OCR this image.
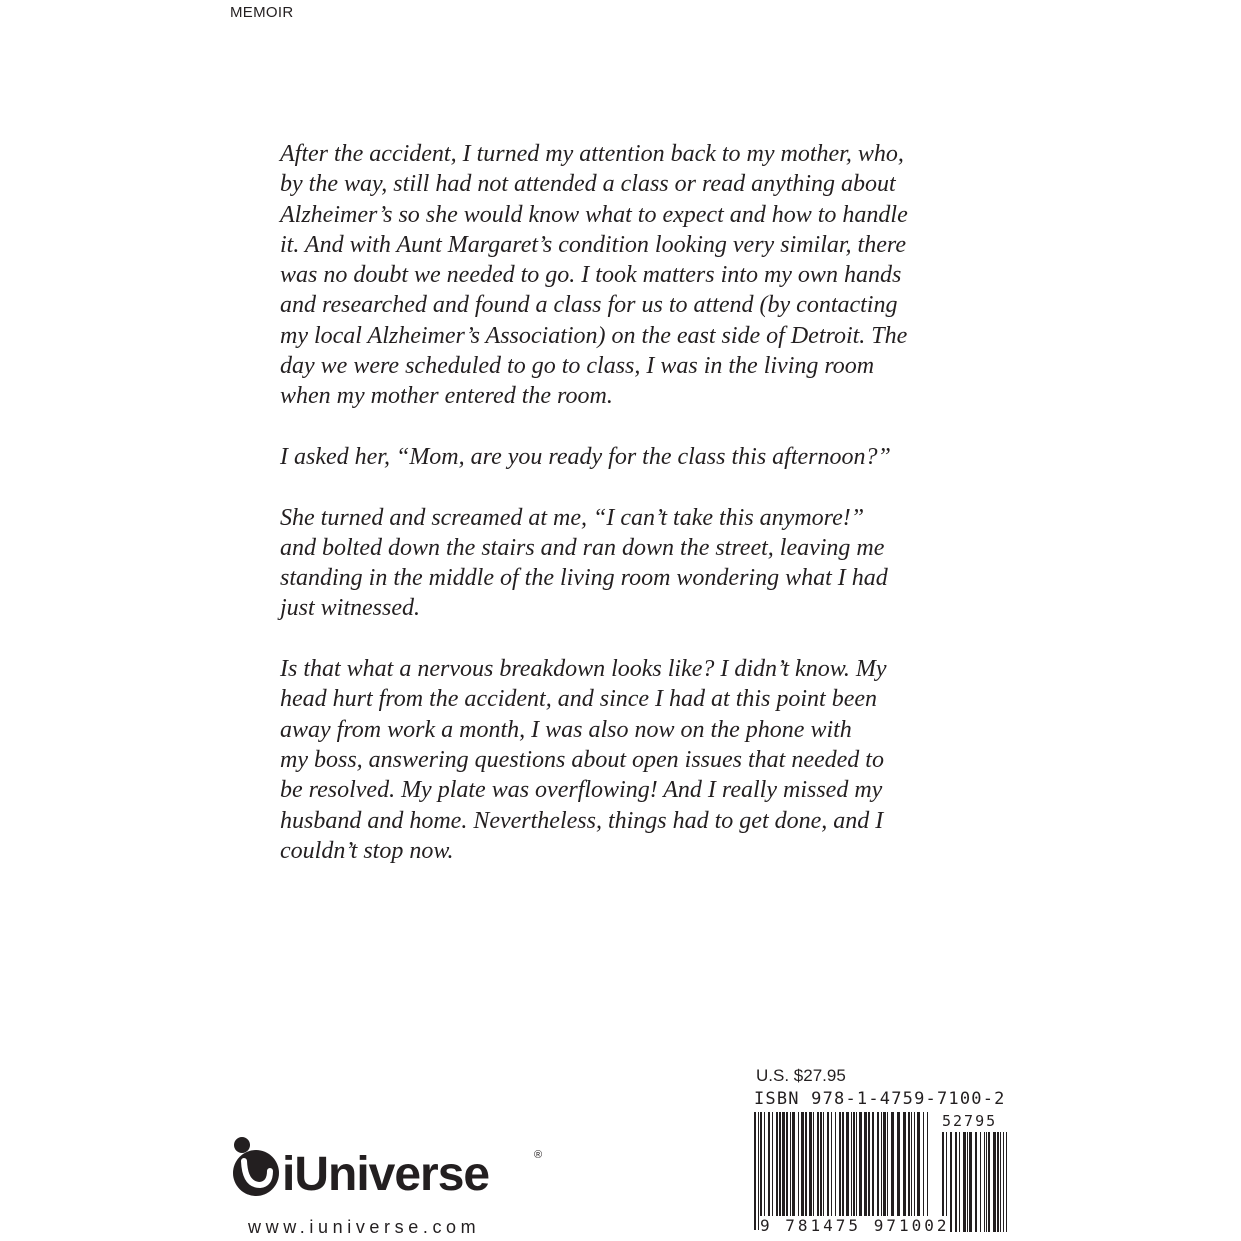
MEMOIR

After the accident, I turned my attention back to my mother, who,
by the way, still had not attended a class or read anything about
Alzheimer’s so she would know what to expect and how to handle
it. And with Aunt Margaret’s condition looking very similar, there
was no doubt we needed to go. I took matters into my own hands
and researched and found a class for us to attend (by contacting
my local Alzheimer’s Association) on the east side of Detroit. The
day we were scheduled to go to class, I was in the living room
when my mother entered the room.

I asked her, “Mom, are you ready for the class this afternoon?”

She turned and screamed at me, “I can’t take this anymore!”
and bolted down the stairs and ran down the street, leaving me
standing in the middle of the living room wondering what I had
just witnessed.

Is that what a nervous breakdown looks like? I didn’t know. My
head hurt from the accident, and since I had at this point been
away from work a month, I was also now on the phone with
my boss, answering questions about open issues that needed to
be resolved. My plate was overflowing! And I really missed my
husband and home. Nevertheless, things had to get done, and I
couldn’t stop now.

iUniverse	®
www.iuniverse.com
U.S. $27.95
ISBN 978-1-4759-7100-2
52795
9 781475 971002
